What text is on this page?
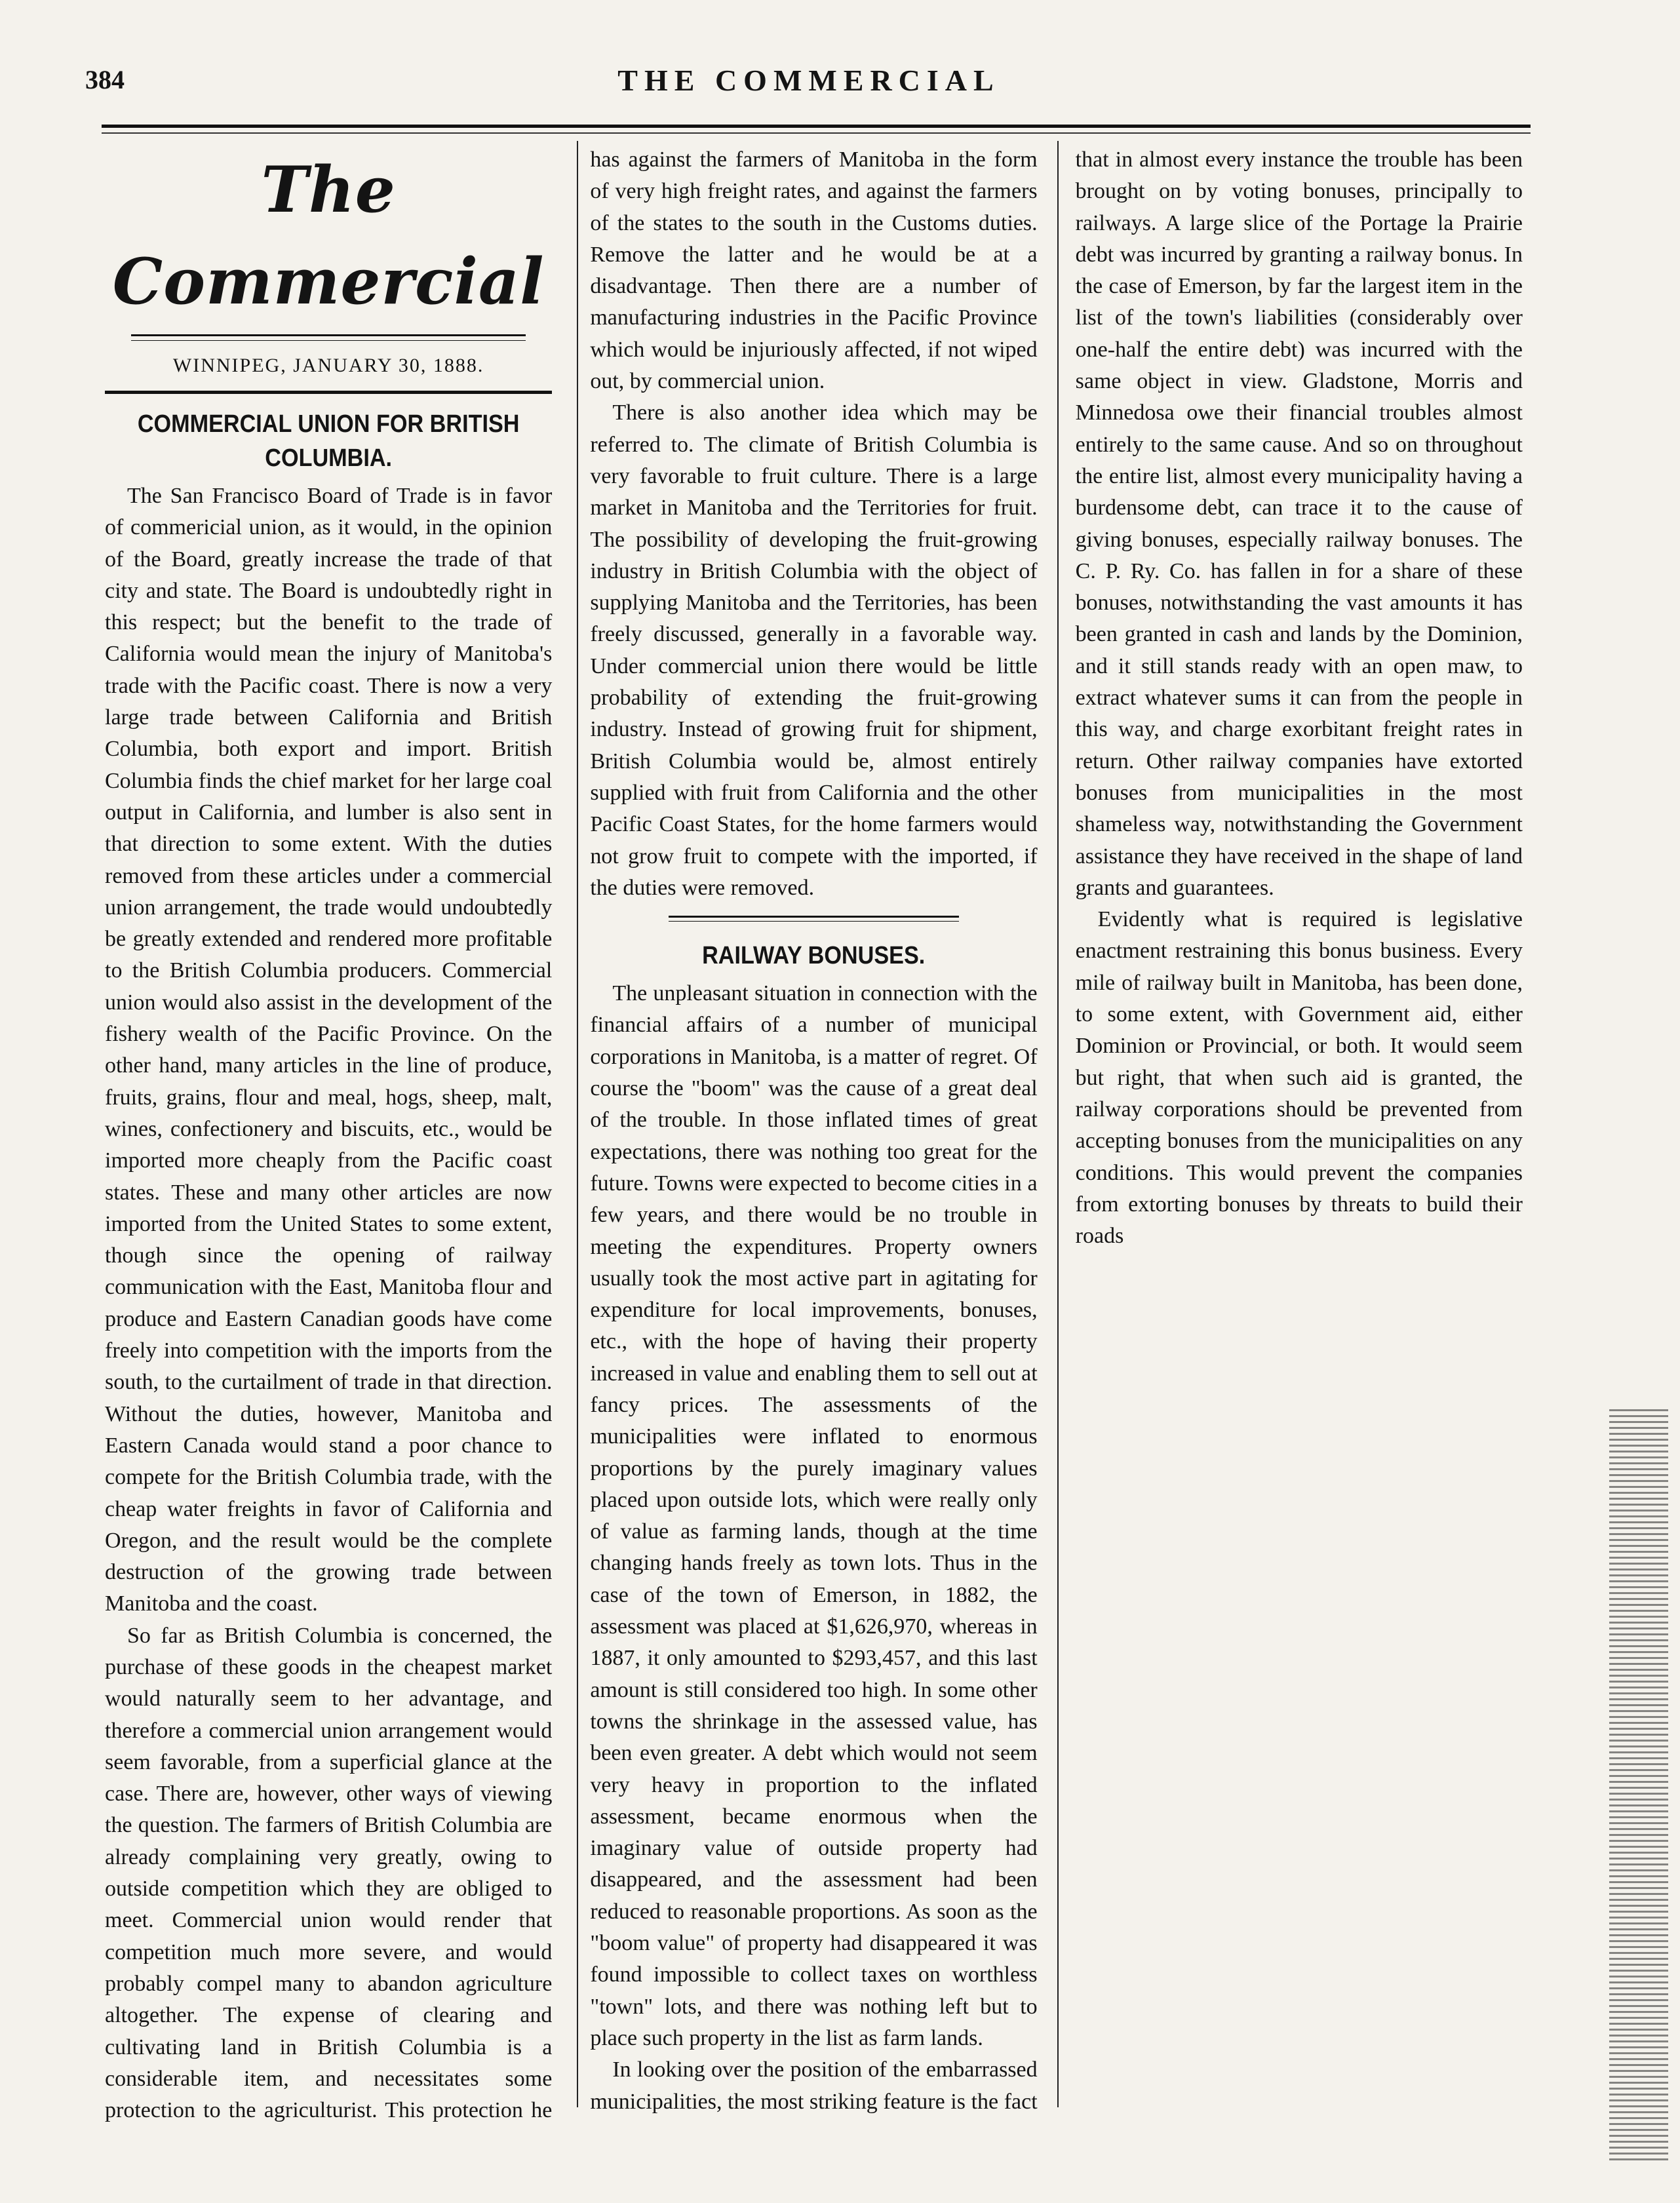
384	THE COMMERCIAL
The Commercial
WINNIPEG, JANUARY 30, 1888.
COMMERCIAL UNION FOR BRITISH COLUMBIA.

The San Francisco Board of Trade is in favor of commericial union, as it would, in the opinion of the Board, greatly increase the trade of that city and state. The Board is undoubtedly right in this respect; but the benefit to the trade of California would mean the injury of Manitoba's trade with the Pacific coast. There is now a very large trade between California and British Columbia, both export and import. British Columbia finds the chief market for her large coal output in California, and lumber is also sent in that direction to some extent. With the duties removed from these articles under a commercial union arrangement, the trade would undoubtedly be greatly extended and rendered more profitable to the British Columbia producers. Commercial union would also assist in the development of the fishery wealth of the Pacific Province. On the other hand, many articles in the line of produce, fruits, grains, flour and meal, hogs, sheep, malt, wines, confectionery and biscuits, etc., would be imported more cheaply from the Pacific coast states. These and many other articles are now imported from the United States to some extent, though since the opening of railway communication with the East, Manitoba flour and produce and Eastern Canadian goods have come freely into competition with the imports from the south, to the curtailment of trade in that direction. Without the duties, however, Manitoba and Eastern Canada would stand a poor chance to compete for the British Columbia trade, with the cheap water freights in favor of California and Oregon, and the result would be the complete destruction of the growing trade between Manitoba and the coast.

So far as British Columbia is concerned, the purchase of these goods in the cheapest market would naturally seem to her advantage, and therefore a commercial union arrangement would seem favorable, from a superficial glance at the case. There are, however, other ways of viewing the question. The farmers of British Columbia are already complaining very greatly, owing to outside competition which they are obliged to meet. Commercial union would render that competition much more severe, and would probably compel many to abandon agriculture altogether. The expense of clearing and cultivating land in British Columbia is a considerable item, and necessitates some protection to the agriculturist. This protection he has against the farmers of Manitoba in the form of very high freight rates, and against the farmers of the states to the south in the Customs duties. Remove the latter and he would be at a disadvantage. Then there are a number of manufacturing industries in the Pacific Province which would be injuriously affected, if not wiped out, by commercial union.

There is also another idea which may be referred to. The climate of British Columbia is very favorable to fruit culture. There is a large market in Manitoba and the Territories for fruit. The possibility of developing the fruit-growing industry in British Columbia with the object of supplying Manitoba and the Territories, has been freely discussed, generally in a favorable way. Under commercial union there would be little probability of extending the fruit-growing industry. Instead of growing fruit for shipment, British Columbia would be, almost entirely supplied with fruit from California and the other Pacific Coast States, for the home farmers would not grow fruit to compete with the imported, if the duties were removed.

RAILWAY BONUSES.

The unpleasant situation in connection with the financial affairs of a number of municipal corporations in Manitoba, is a matter of regret. Of course the "boom" was the cause of a great deal of the trouble. In those inflated times of great expectations, there was nothing too great for the future. Towns were expected to become cities in a few years, and there would be no trouble in meeting the expenditures. Property owners usually took the most active part in agitating for expenditure for local improvements, bonuses, etc., with the hope of having their property increased in value and enabling them to sell out at fancy prices. The assessments of the municipalities were inflated to enormous proportions by the purely imaginary values placed upon outside lots, which were really only of value as farming lands, though at the time changing hands freely as town lots. Thus in the case of the town of Emerson, in 1882, the assessment was placed at $1,626,970, whereas in 1887, it only amounted to $293,457, and this last amount is still considered too high. In some other towns the shrinkage in the assessed value, has been even greater. A debt which would not seem very heavy in proportion to the inflated assessment, became enormous when the imaginary value of outside property had disappeared, and the assessment had been reduced to reasonable proportions. As soon as the "boom value" of property had disappeared it was found impossible to collect taxes on worthless "town" lots, and there was nothing left but to place such property in the list as farm lands.

In looking over the position of the embarrassed municipalities, the most striking feature is the fact that in almost every instance the trouble has been brought on by voting bonuses, principally to railways. A large slice of the Portage la Prairie debt was incurred by granting a railway bonus. In the case of Emerson, by far the largest item in the list of the town's liabilities (considerably over one-half the entire debt) was incurred with the same object in view. Gladstone, Morris and Minnedosa owe their financial troubles almost entirely to the same cause. And so on throughout the entire list, almost every municipality having a burdensome debt, can trace it to the cause of giving bonuses, especially railway bonuses. The C. P. Ry. Co. has fallen in for a share of these bonuses, notwithstanding the vast amounts it has been granted in cash and lands by the Dominion, and it still stands ready with an open maw, to extract whatever sums it can from the people in this way, and charge exorbitant freight rates in return. Other railway companies have extorted bonuses from municipalities in the most shameless way, notwithstanding the Government assistance they have received in the shape of land grants and guarantees.

Evidently what is required is legislative enactment restraining this bonus business. Every mile of railway built in Manitoba, has been done, to some extent, with Government aid, either Dominion or Provincial, or both. It would seem but right, that when such aid is granted, the railway corporations should be prevented from accepting bonuses from the municipalities on any conditions. This would prevent the companies from extorting bonuses by threats to build their roads
